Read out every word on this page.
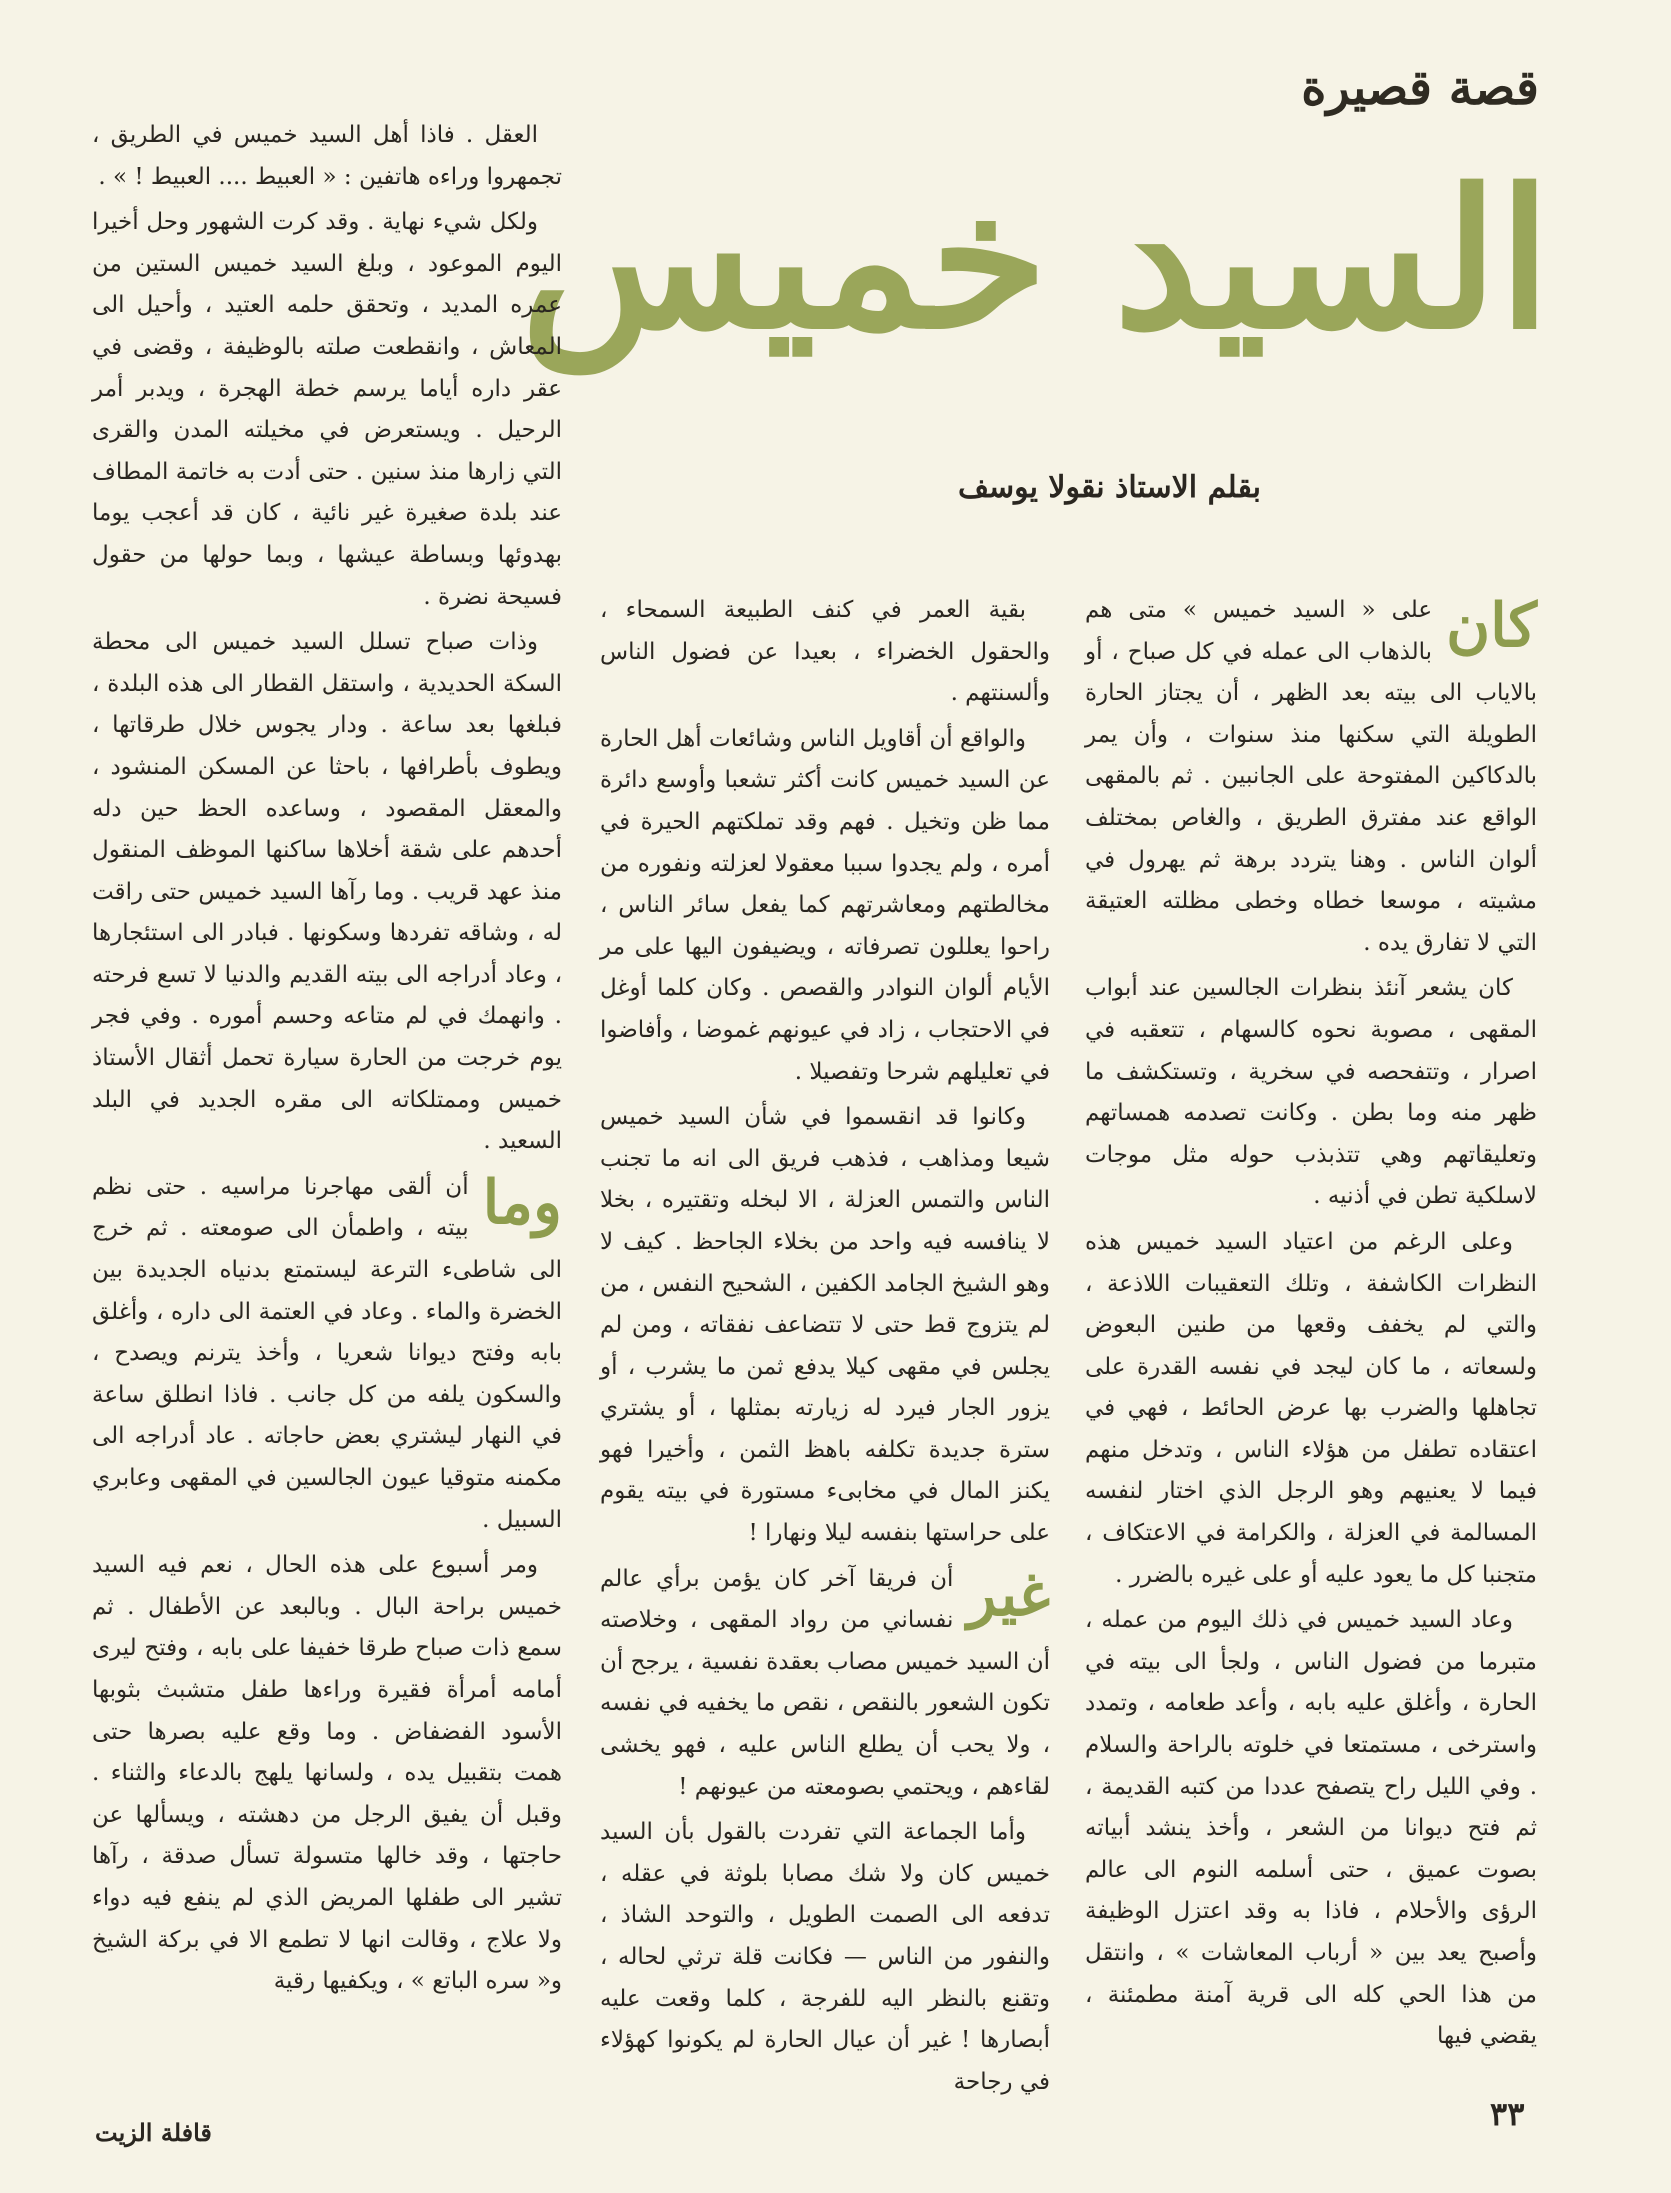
قصة قصيرة
السيد خميس
بقلم الاستاذ نقولا يوسف

كان
على « السيد خميس » متى هم بالذهاب الى عمله في كل صباح ، أو بالاياب الى بيته بعد الظهر ، أن يجتاز الحارة الطويلة التي سكنها منذ سنوات ، وأن يمر بالدكاكين المفتوحة على الجانبين . ثم بالمقهى الواقع عند مفترق الطريق ، والغاص بمختلف ألوان الناس . وهنا يتردد برهة ثم يهرول في مشيته ، موسعا خطاه وخطى مظلته العتيقة التي لا تفارق يده .

كان يشعر آنئذ بنظرات الجالسين عند أبواب المقهى ، مصوبة نحوه كالسهام ، تتعقبه في اصرار ، وتتفحصه في سخرية ، وتستكشف ما ظهر منه وما بطن . وكانت تصدمه همساتهم وتعليقاتهم وهي تتذبذب حوله مثل موجات لاسلكية تطن في أذنيه .

وعلى الرغم من اعتياد السيد خميس هذه النظرات الكاشفة ، وتلك التعقيبات اللاذعة ، والتي لم يخفف وقعها من طنين البعوض ولسعاته ، ما كان ليجد في نفسه القدرة على تجاهلها والضرب بها عرض الحائط ، فهي في اعتقاده تطفل من هؤلاء الناس ، وتدخل منهم فيما لا يعنيهم وهو الرجل الذي اختار لنفسه المسالمة في العزلة ، والكرامة في الاعتكاف ، متجنبا كل ما يعود عليه أو على غيره بالضرر .

وعاد السيد خميس في ذلك اليوم من عمله ، متبرما من فضول الناس ، ولجأ الى بيته في الحارة ، وأغلق عليه بابه ، وأعد طعامه ، وتمدد واسترخى ، مستمتعا في خلوته بالراحة والسلام . وفي الليل راح يتصفح عددا من كتبه القديمة ، ثم فتح ديوانا من الشعر ، وأخذ ينشد أبياته بصوت عميق ، حتى أسلمه النوم الى عالم الرؤى والأحلام ، فاذا به وقد اعتزل الوظيفة وأصبح يعد بين « أرباب المعاشات » ، وانتقل من هذا الحي كله الى قرية آمنة مطمئنة ، يقضي فيها

بقية العمر في كنف الطبيعة السمحاء ، والحقول الخضراء ، بعيدا عن فضول الناس وألسنتهم .

والواقع أن أقاويل الناس وشائعات أهل الحارة عن السيد خميس كانت أكثر تشعبا وأوسع دائرة مما ظن وتخيل . فهم وقد تملكتهم الحيرة في أمره ، ولم يجدوا سببا معقولا لعزلته ونفوره من مخالطتهم ومعاشرتهم كما يفعل سائر الناس ، راحوا يعللون تصرفاته ، ويضيفون اليها على مر الأيام ألوان النوادر والقصص . وكان كلما أوغل في الاحتجاب ، زاد في عيونهم غموضا ، وأفاضوا في تعليلهم شرحا وتفصيلا .

وكانوا قد انقسموا في شأن السيد خميس شيعا ومذاهب ، فذهب فريق الى انه ما تجنب الناس والتمس العزلة ، الا لبخله وتقتيره ، بخلا لا ينافسه فيه واحد من بخلاء الجاحظ . كيف لا وهو الشيخ الجامد الكفين ، الشحيح النفس ، من لم يتزوج قط حتى لا تتضاعف نفقاته ، ومن لم يجلس في مقهى كيلا يدفع ثمن ما يشرب ، أو يزور الجار فيرد له زيارته بمثلها ، أو يشتري سترة جديدة تكلفه باهظ الثمن ، وأخيرا فهو يكنز المال في مخابىء مستورة في بيته يقوم على حراستها بنفسه ليلا ونهارا !

غير
أن فريقا آخر كان يؤمن برأي عالم نفساني من رواد المقهى ، وخلاصته أن السيد خميس مصاب بعقدة نفسية ، يرجح أن تكون الشعور بالنقص ، نقص ما يخفيه في نفسه ، ولا يحب أن يطلع الناس عليه ، فهو يخشى لقاءهم ، ويحتمي بصومعته من عيونهم !

وأما الجماعة التي تفردت بالقول بأن السيد خميس كان ولا شك مصابا بلوثة في عقله ، تدفعه الى الصمت الطويل ، والتوحد الشاذ ، والنفور من الناس — فكانت قلة ترثي لحاله ، وتقنع بالنظر اليه للفرجة ، كلما وقعت عليه أبصارها ! غير أن عيال الحارة لم يكونوا كهؤلاء في رجاحة

العقل . فاذا أهل السيد خميس في الطريق ، تجمهروا وراءه هاتفين : « العبيط .... العبيط ! » .

ولكل شيء نهاية . وقد كرت الشهور وحل أخيرا اليوم الموعود ، وبلغ السيد خميس الستين من عمره المديد ، وتحقق حلمه العتيد ، وأحيل الى المعاش ، وانقطعت صلته بالوظيفة ، وقضى في عقر داره أياما يرسم خطة الهجرة ، ويدبر أمر الرحيل . ويستعرض في مخيلته المدن والقرى التي زارها منذ سنين . حتى أدت به خاتمة المطاف عند بلدة صغيرة غير نائية ، كان قد أعجب يوما بهدوئها وبساطة عيشها ، وبما حولها من حقول فسيحة نضرة .

وذات صباح تسلل السيد خميس الى محطة السكة الحديدية ، واستقل القطار الى هذه البلدة ، فبلغها بعد ساعة . ودار يجوس خلال طرقاتها ، ويطوف بأطرافها ، باحثا عن المسكن المنشود ، والمعقل المقصود ، وساعده الحظ حين دله أحدهم على شقة أخلاها ساكنها الموظف المنقول منذ عهد قريب . وما رآها السيد خميس حتى راقت له ، وشاقه تفردها وسكونها . فبادر الى استئجارها ، وعاد أدراجه الى بيته القديم والدنيا لا تسع فرحته . وانهمك في لم متاعه وحسم أموره . وفي فجر يوم خرجت من الحارة سيارة تحمل أثقال الأستاذ خميس وممتلكاته الى مقره الجديد في البلد السعيد .

وما
أن ألقى مهاجرنا مراسيه . حتى نظم بيته ، واطمأن الى صومعته . ثم خرج الى شاطىء الترعة ليستمتع بدنياه الجديدة بين الخضرة والماء . وعاد في العتمة الى داره ، وأغلق بابه وفتح ديوانا شعريا ، وأخذ يترنم ويصدح ، والسكون يلفه من كل جانب . فاذا انطلق ساعة في النهار ليشتري بعض حاجاته . عاد أدراجه الى مكمنه متوقيا عيون الجالسين في المقهى وعابري السبيل .

ومر أسبوع على هذه الحال ، نعم فيه السيد خميس براحة البال . وبالبعد عن الأطفال . ثم سمع ذات صباح طرقا خفيفا على بابه ، وفتح ليرى أمامه أمرأة فقيرة وراءها طفل متشبث بثوبها الأسود الفضفاض . وما وقع عليه بصرها حتى همت بتقبيل يده ، ولسانها يلهج بالدعاء والثناء . وقبل أن يفيق الرجل من دهشته ، ويسألها عن حاجتها ، وقد خالها متسولة تسأل صدقة ، رآها تشير الى طفلها المريض الذي لم ينفع فيه دواء ولا علاج ، وقالت انها لا تطمع الا في بركة الشيخ و« سره الباتع » ، ويكفيها رقية

٣٣
قافلة الزيت
